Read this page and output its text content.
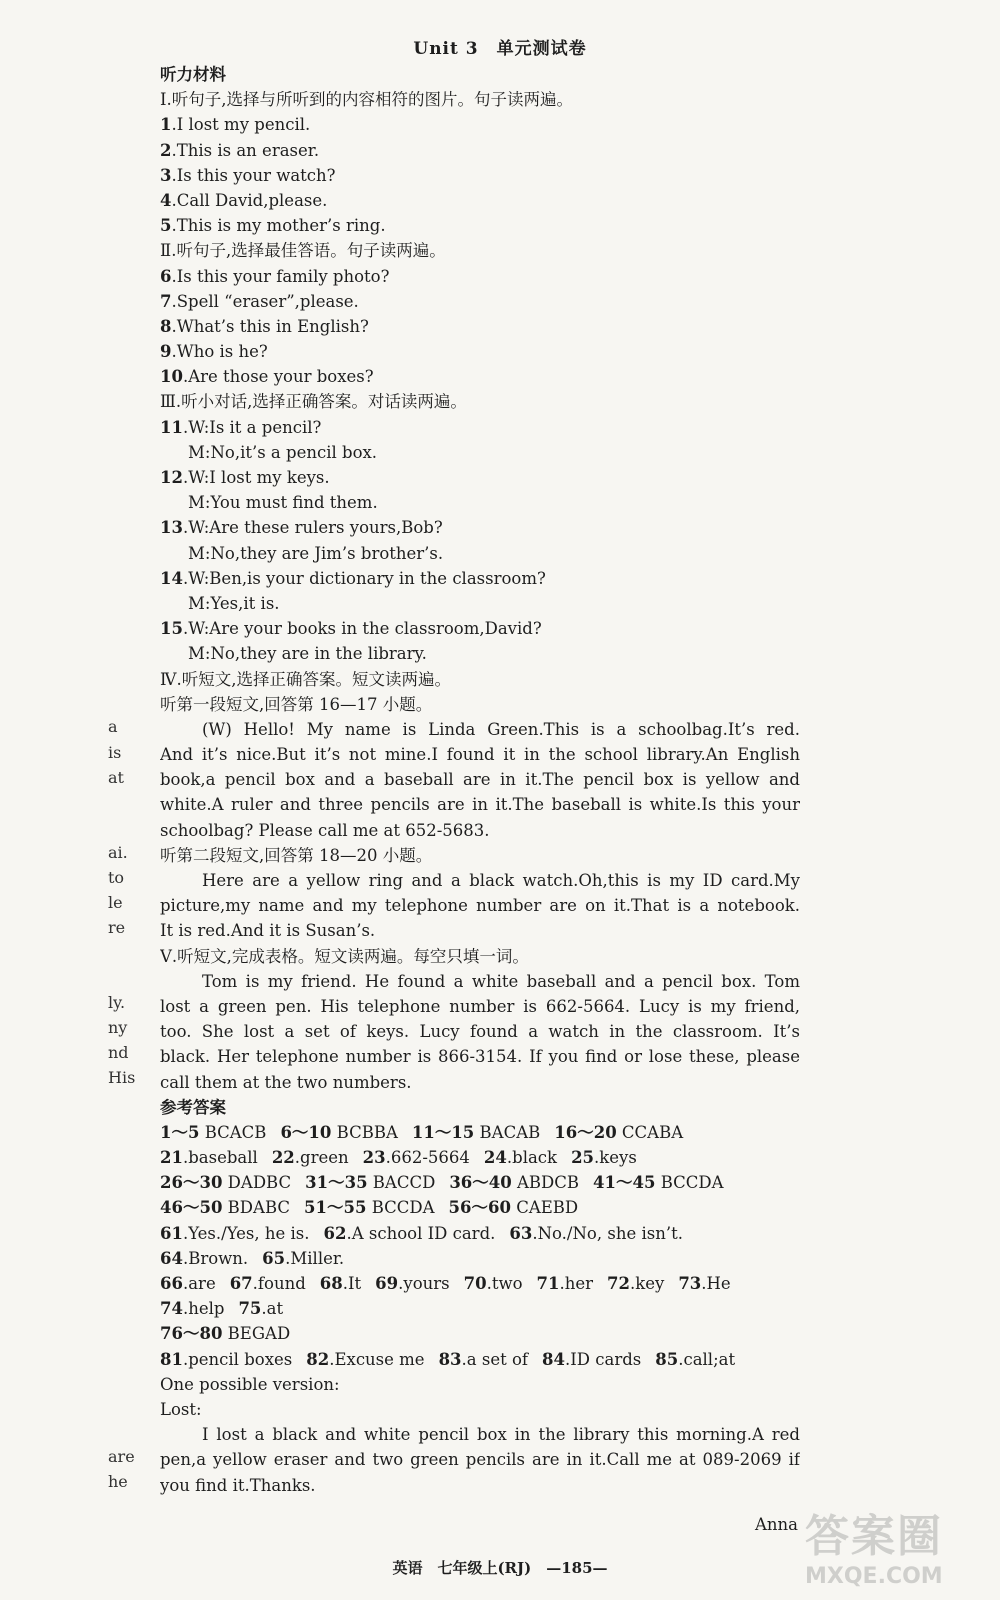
Unit 3　单元测试卷
听力材料
Ⅰ.听句子,选择与所听到的内容相符的图片。句子读两遍。
1.I lost my pencil.
2.This is an eraser.
3.Is this your watch?
4.Call David,please.
5.This is my mother’s ring.
Ⅱ.听句子,选择最佳答语。句子读两遍。
6.Is this your family photo?
7.Spell “eraser”,please.
8.What’s this in English?
9.Who is he?
10.Are those your boxes?
Ⅲ.听小对话,选择正确答案。对话读两遍。
11.W:Is it a pencil?
M:No,it’s a pencil box.
12.W:I lost my keys.
M:You must find them.
13.W:Are these rulers yours,Bob?
M:No,they are Jim’s brother’s.
14.W:Ben,is your dictionary in the classroom?
M:Yes,it is.
15.W:Are your books in the classroom,David?
M:No,they are in the library.
Ⅳ.听短文,选择正确答案。短文读两遍。
听第一段短文,回答第 16—17 小题。
(W) Hello! My name is Linda Green.This is a schoolbag.It’s red.
And it’s nice.But it’s not mine.I found it in the school library.An English
book,a pencil box and a baseball are in it.The pencil box is yellow and
white.A ruler and three pencils are in it.The baseball is white.Is this your
schoolbag? Please call me at 652-5683.
听第二段短文,回答第 18—20 小题。
Here are a yellow ring and a black watch.Oh,this is my ID card.My
picture,my name and my telephone number are on it.That is a notebook.
It is red.And it is Susan’s.
Ⅴ.听短文,完成表格。短文读两遍。每空只填一词。
Tom is my friend. He found a white baseball and a pencil box. Tom
lost a green pen. His telephone number is 662-5664. Lucy is my friend,
too. She lost a set of keys. Lucy found a watch in the classroom. It’s
black. Her telephone number is 866-3154. If you find or lose these, please
call them at the two numbers.
参考答案
1～5 BCACB 6～10 BCBBA 11～15 BACAB 16～20 CCABA
21.baseball 22.green 23.662-5664 24.black 25.keys
26～30 DADBC 31～35 BACCD 36～40 ABDCB 41～45 BCCDA
46～50 BDABC 51～55 BCCDA 56～60 CAEBD
61.Yes./Yes, he is. 62.A school ID card. 63.No./No, she isn’t.
64.Brown. 65.Miller.
66.are 67.found 68.It 69.yours 70.two 71.her 72.key 73.He
74.help 75.at
76～80 BEGAD
81.pencil boxes 82.Excuse me 83.a set of 84.ID cards 85.call;at
One possible version:
Lost:
I lost a black and white pencil box in the library this morning.A red
pen,a yellow eraser and two green pencils are in it.Call me at 089-2069 if
you find it.Thanks.
a
is
at
ai.
to
le
re
ly.
ny
nd
His
are
he
Anna
英语　七年级上(RJ)　—185—
答案圈
MXQE.COM
